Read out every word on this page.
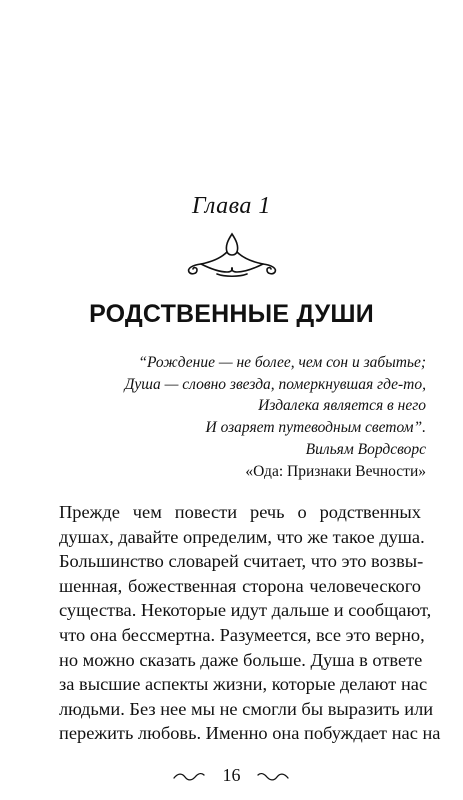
Глава 1
РОДСТВЕННЫЕ ДУШИ
“Рождение — не более, чем сон и забытье;
Душа — словно звезда, померкнувшая где-то,
Издалека является в него
И озаряет путеводным светом”.
Вильям Вордсворс
«Ода: Признаки Вечности»
Прежде чем повести речь о родственных
душах, давайте определим, что же такое душа.
Большинство словарей считает, что это возвы-
шенная, божественная сторона человеческого
существа. Некоторые идут дальше и сообщают,
что она бессмертна. Разумеется, все это верно,
но можно сказать даже больше. Душа в ответе
за высшие аспекты жизни, которые делают нас
людьми. Без нее мы не смогли бы выразить или
пережить любовь. Именно она побуждает нас на
16
